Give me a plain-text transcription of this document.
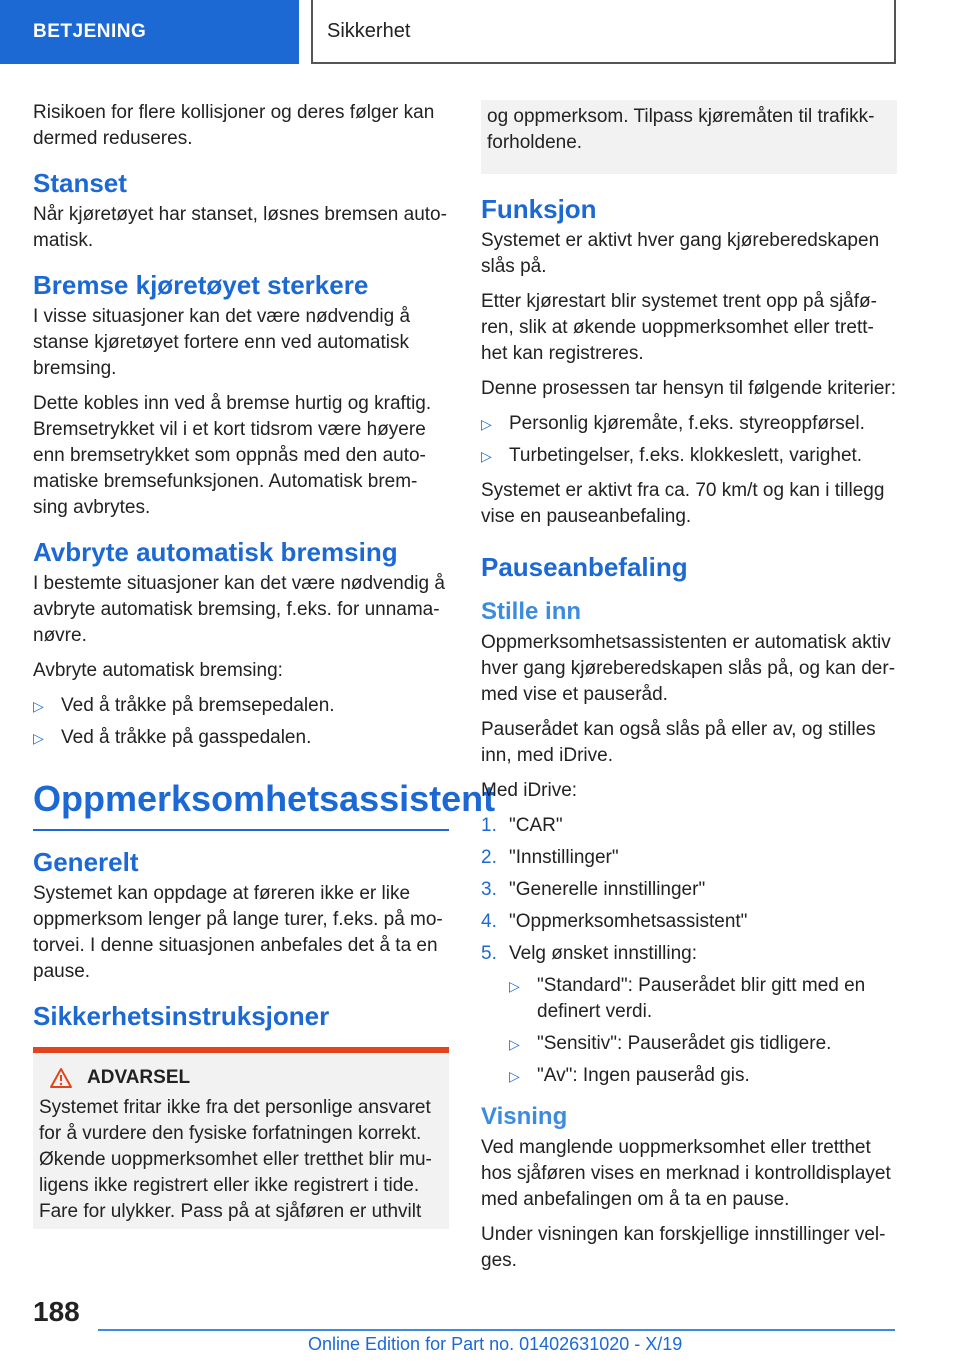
BETJENING	Sikkerhet

Risikoen for flere kollisjoner og deres følger kan dermed reduseres.

Stanset

Når kjøretøyet har stanset, løsnes bremsen auto-matisk.

Bremse kjøretøyet sterkere

I visse situasjoner kan det være nødvendig å stanse kjøretøyet fortere enn ved automatisk bremsing.

Dette kobles inn ved å bremse hurtig og kraftig. Bremsetrykket vil i et kort tidsrom være høyere enn bremsetrykket som oppnås med den auto-matiske bremsefunksjonen. Automatisk brem-sing avbrytes.

Avbryte automatisk bremsing

I bestemte situasjoner kan det være nødvendig å avbryte automatisk bremsing, f.eks. for unnama-nøvre.

Avbryte automatisk bremsing:

▷ Ved å tråkke på bremsepedalen.
▷ Ved å tråkke på gasspedalen.
Oppmerksomhetsassistent
Generelt

Systemet kan oppdage at føreren ikke er like oppmerksom lenger på lange turer, f.eks. på mo-torvei. I denne situasjonen anbefales det å ta en pause.

Sikkerhetsinstruksjoner
ADVARSEL

Systemet fritar ikke fra det personlige ansvaret for å vurdere den fysiske forfatningen korrekt. Økende uoppmerksomhet eller tretthet blir mu-ligens ikke registrert eller ikke registrert i tide. Fare for ulykker. Pass på at sjåføren er uthvilt

og oppmerksom. Tilpass kjøremåten til trafikk-forholdene.

Funksjon

Systemet er aktivt hver gang kjøreberedskapen slås på.

Etter kjørestart blir systemet trent opp på sjåfø-ren, slik at økende uoppmerksomhet eller trett-het kan registreres.

Denne prosessen tar hensyn til følgende kriterier:

▷ Personlig kjøremåte, f.eks. styreoppførsel.
▷ Turbetingelser, f.eks. klokkeslett, varighet.

Systemet er aktivt fra ca. 70 km/t og kan i tillegg vise en pauseanbefaling.

Pauseanbefaling
Stille inn

Oppmerksomhetsassistenten er automatisk aktiv hver gang kjøreberedskapen slås på, og kan der-med vise et pauseråd.

Pauserådet kan også slås på eller av, og stilles inn, med iDrive.

Med iDrive:

1. "CAR"
2. "Innstillinger"
3. "Generelle innstillinger"
4. "Oppmerksomhetsassistent"
5. Velg ønsket innstilling:
▷ "Standard": Pauserådet blir gitt med en definert verdi.
▷ "Sensitiv": Pauserådet gis tidligere.
▷ "Av": Ingen pauseråd gis.
Visning

Ved manglende uoppmerksomhet eller tretthet hos sjåføren vises en merknad i kontrolldisplayet med anbefalingen om å ta en pause.

Under visningen kan forskjellige innstillinger vel-ges.

188
Online Edition for Part no. 01402631020 - X/19
